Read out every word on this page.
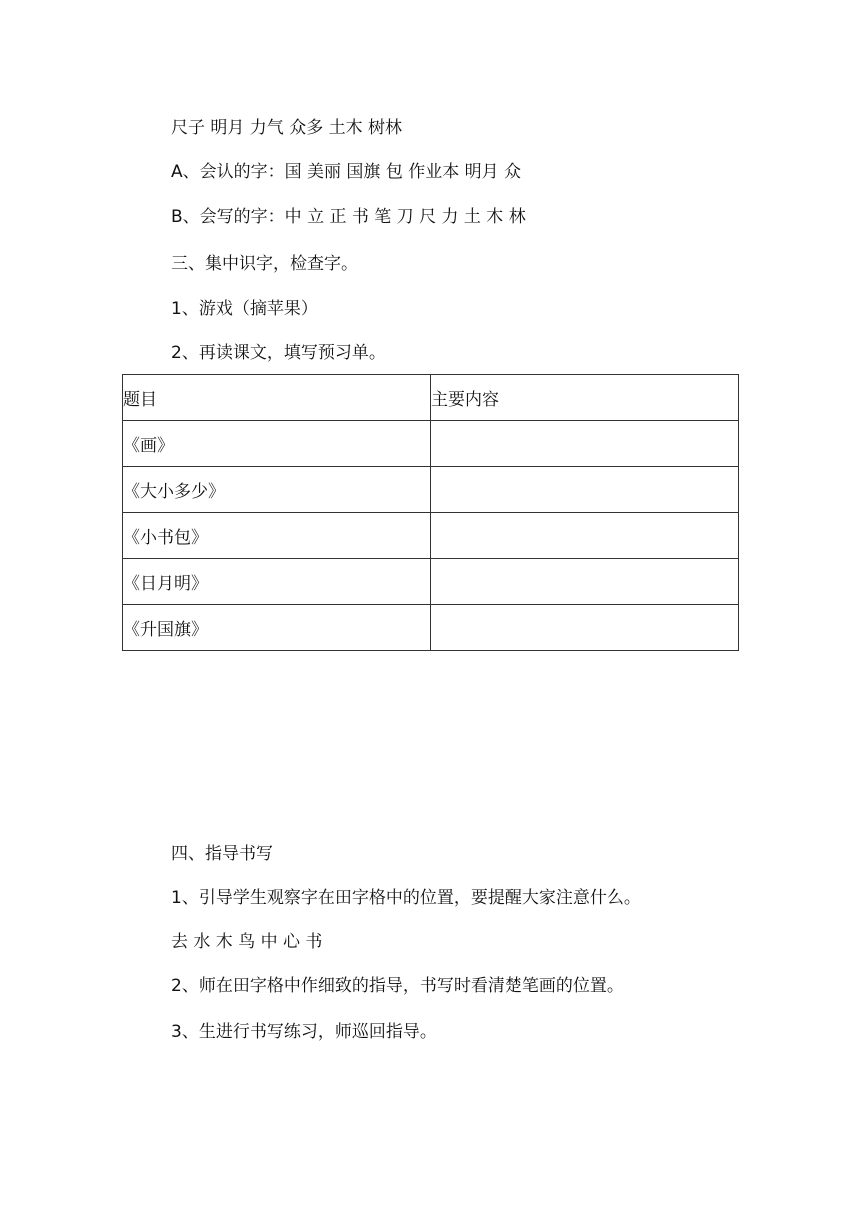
尺子 明月 力气 众多 土木 树林

A、会认的字：国 美丽 国旗 包 作业本 明月 众

B、会写的字：中 立 正 书 笔 刀 尺 力 土 木 林

三、集中识字，检查字。

1、游戏（摘苹果）

2、再读课文，填写预习单。

题目	主要内容
《画》	
《大小多少》	
《小书包》	
《日月明》	
《升国旗》	

四、指导书写

1、引导学生观察字在田字格中的位置，要提醒大家注意什么。

去 水 木 鸟 中 心 书

2、师在田字格中作细致的指导，书写时看清楚笔画的位置。

3、生进行书写练习，师巡回指导。
